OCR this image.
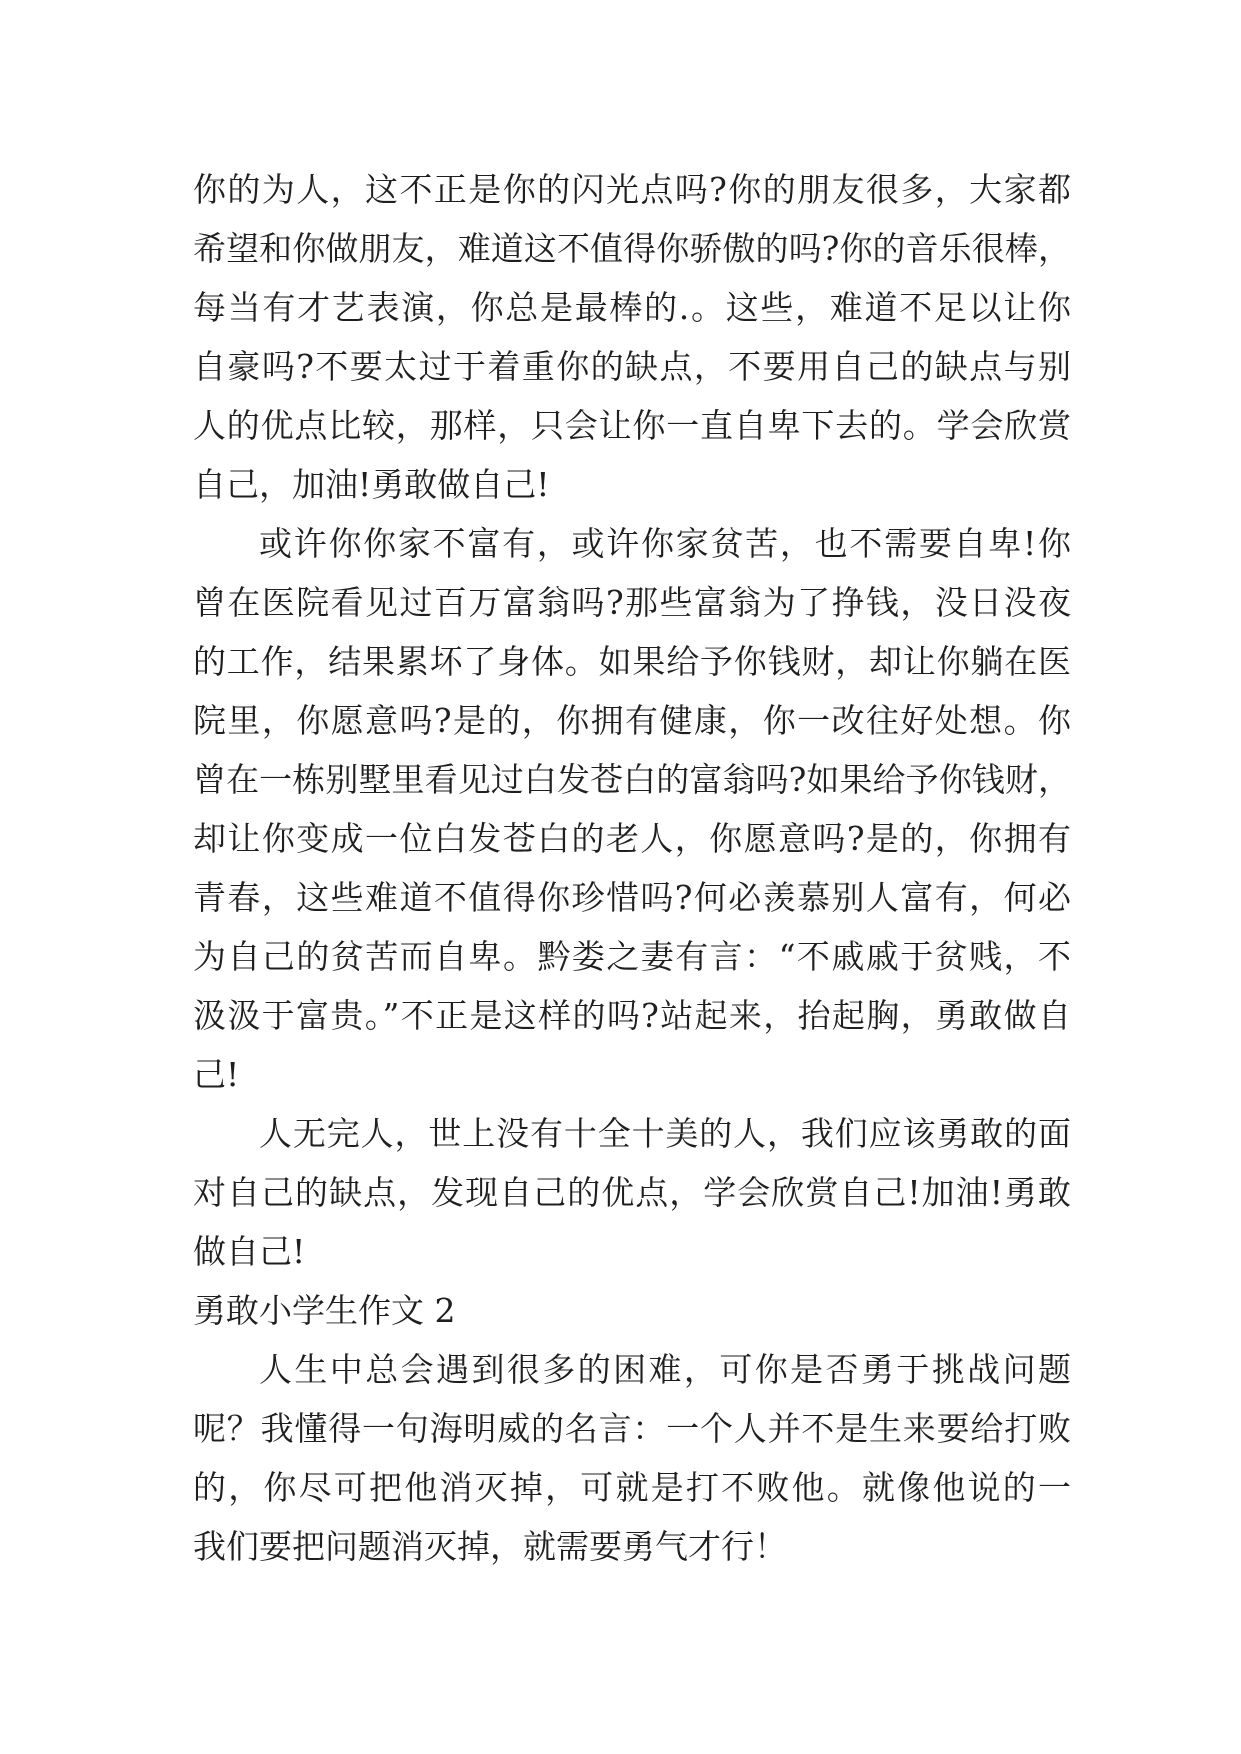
你的为人，这不正是你的闪光点吗?你的朋友很多，大家都
希望和你做朋友，难道这不值得你骄傲的吗?你的音乐很棒，
每当有才艺表演，你总是最棒的.。这些，难道不足以让你
自豪吗?不要太过于着重你的缺点，不要用自己的缺点与别
人的优点比较，那样，只会让你一直自卑下去的。学会欣赏
自己，加油!勇敢做自己!
或许你你家不富有，或许你家贫苦，也不需要自卑!你
曾在医院看见过百万富翁吗?那些富翁为了挣钱，没日没夜
的工作，结果累坏了身体。如果给予你钱财，却让你躺在医
院里，你愿意吗?是的，你拥有健康，你一改往好处想。你
曾在一栋别墅里看见过白发苍白的富翁吗?如果给予你钱财，
却让你变成一位白发苍白的老人，你愿意吗?是的，你拥有
青春，这些难道不值得你珍惜吗?何必羡慕别人富有，何必
为自己的贫苦而自卑。黔娄之妻有言：“不戚戚于贫贱，不
汲汲于富贵。”不正是这样的吗?站起来，抬起胸，勇敢做自
己!
人无完人，世上没有十全十美的人，我们应该勇敢的面
对自己的缺点，发现自己的优点，学会欣赏自己!加油!勇敢
做自己!
勇敢小学生作文 2
人生中总会遇到很多的困难，可你是否勇于挑战问题
呢？我懂得一句海明威的名言：一个人并不是生来要给打败
的，你尽可把他消灭掉，可就是打不败他。就像他说的一
我们要把问题消灭掉，就需要勇气才行！
